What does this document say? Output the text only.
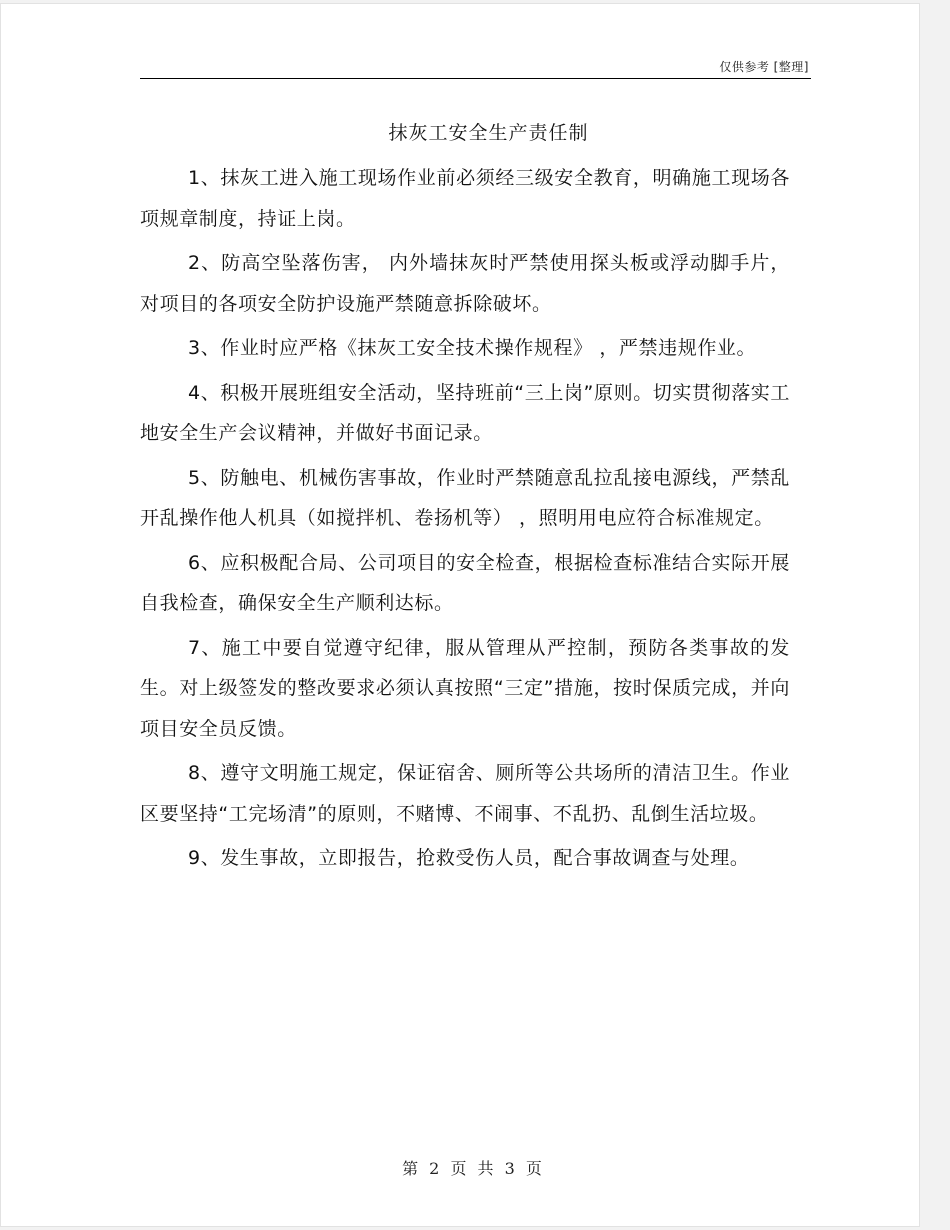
仅供参考 [整理]
抹灰工安全生产责任制

1、抹灰工进入施工现场作业前必须经三级安全教育，明确施工现场各项规章制度，持证上岗。

2、防高空坠落伤害， 内外墙抹灰时严禁使用探头板或浮动脚手片，对项目的各项安全防护设施严禁随意拆除破坏。

3、作业时应严格《抹灰工安全技术操作规程》 ，严禁违规作业。

4、积极开展班组安全活动，坚持班前“三上岗”原则。切实贯彻落实工地安全生产会议精神，并做好书面记录。

5、防触电、机械伤害事故，作业时严禁随意乱拉乱接电源线，严禁乱开乱操作他人机具（如搅拌机、卷扬机等） ，照明用电应符合标准规定。

6、应积极配合局、公司项目的安全检查，根据检查标准结合实际开展自我检查，确保安全生产顺利达标。

7、施工中要自觉遵守纪律，服从管理从严控制，预防各类事故的发生。对上级签发的整改要求必须认真按照“三定”措施，按时保质完成，并向项目安全员反馈。

8、遵守文明施工规定，保证宿舍、厕所等公共场所的清洁卫生。作业区要坚持“工完场清”的原则，不赌博、不闹事、不乱扔、乱倒生活垃圾。

9、发生事故，立即报告，抢救受伤人员，配合事故调查与处理。

第 2 页 共 3 页
